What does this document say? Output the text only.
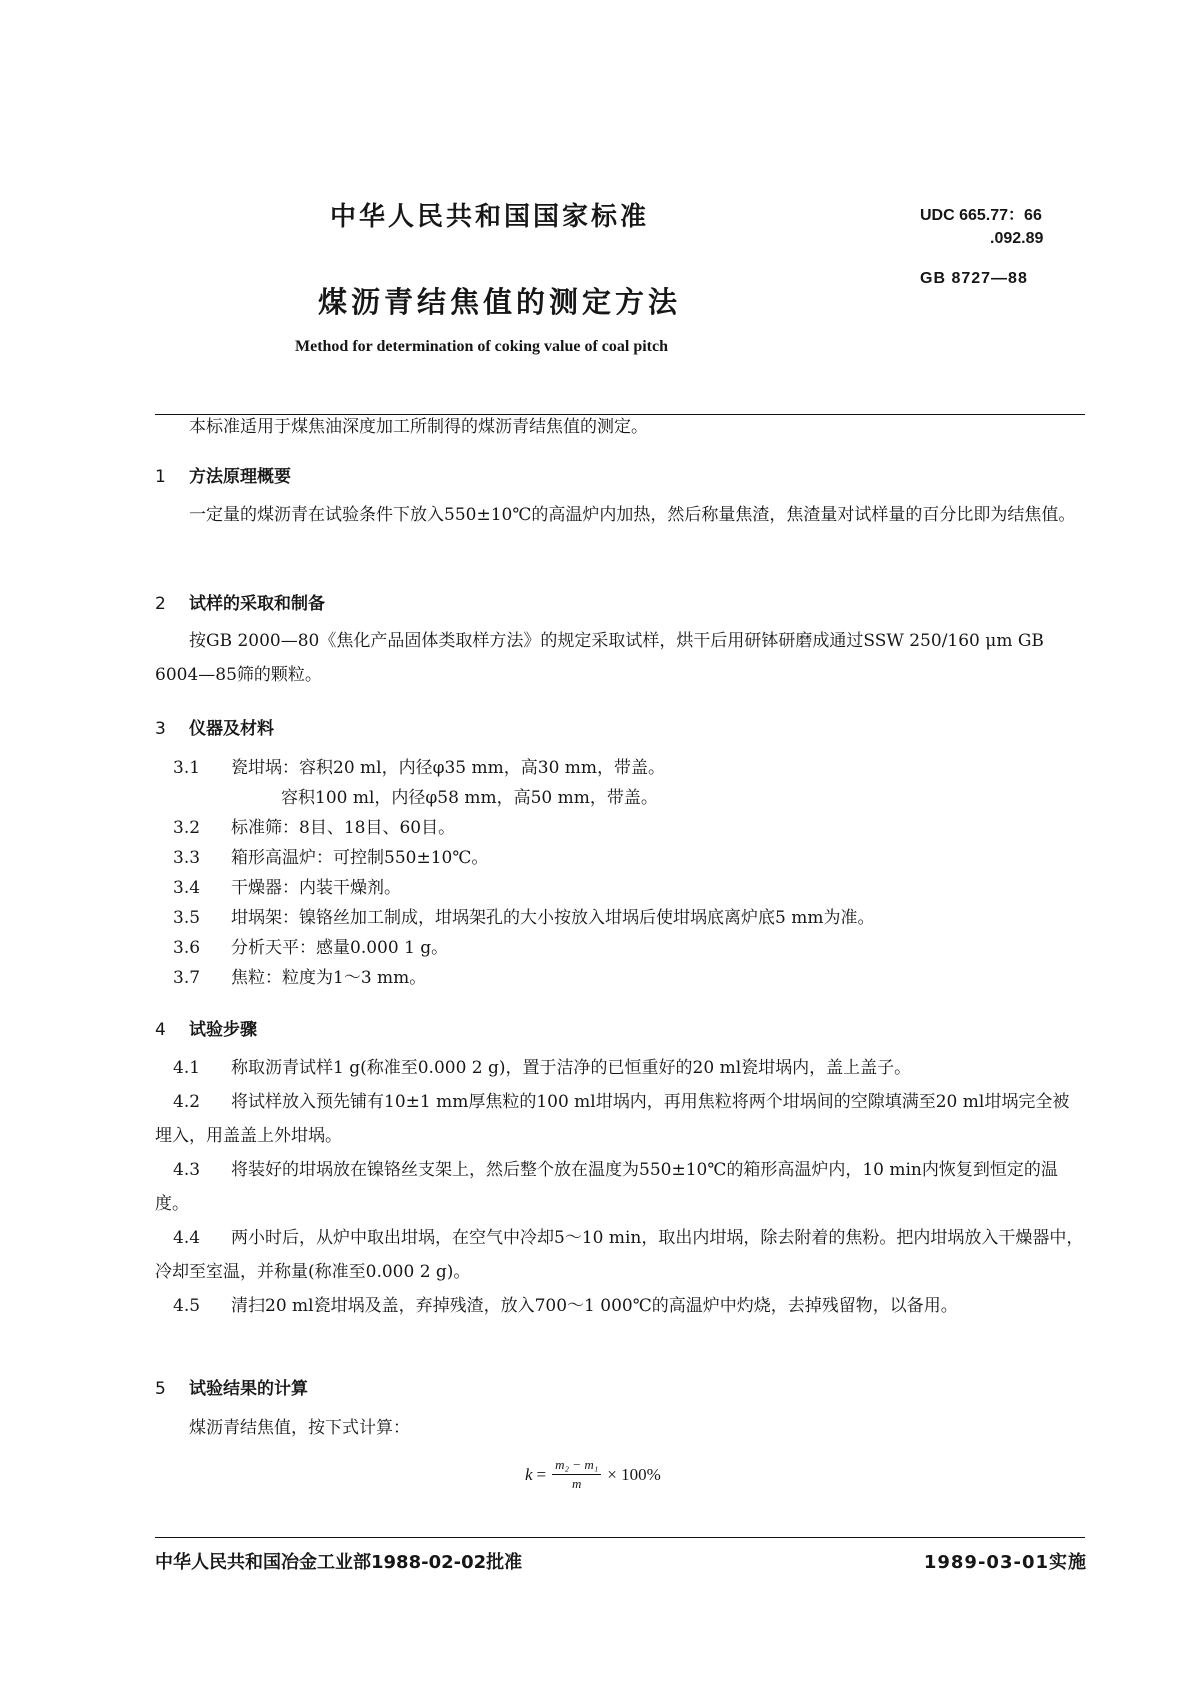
中华人民共和国国家标准
煤沥青结焦值的测定方法
Method for determination of coking value of coal pitch
UDC 665.77：66
.092.89
GB 8727—88
本标准适用于煤焦油深度加工所制得的煤沥青结焦值的测定。
1 方法原理概要
一定量的煤沥青在试验条件下放入550±10℃的高温炉内加热，然后称量焦渣，焦渣量对试样量的百分比即为结焦值。
2 试样的采取和制备
按GB 2000—80《焦化产品固体类取样方法》的规定采取试样，烘干后用研钵研磨成通过SSW 250/160 μm GB 6004—85筛的颗粒。
3 仪器及材料
3.1 瓷坩埚：容积20 ml，内径φ35 mm，高30 mm，带盖。
容积100 ml，内径φ58 mm，高50 mm，带盖。
3.2 标准筛：8目、18目、60目。
3.3 箱形高温炉：可控制550±10℃。
3.4 干燥器：内装干燥剂。
3.5 坩埚架：镍铬丝加工制成，坩埚架孔的大小按放入坩埚后使坩埚底离炉底5 mm为准。
3.6 分析天平：感量0.000 1 g。
3.7 焦粒：粒度为1～3 mm。
4 试验步骤
4.1 称取沥青试样1 g(称准至0.000 2 g)，置于洁净的已恒重好的20 ml瓷坩埚内，盖上盖子。
4.2 将试样放入预先铺有10±1 mm厚焦粒的100 ml坩埚内，再用焦粒将两个坩埚间的空隙填满至20 ml坩埚完全被埋入，用盖盖上外坩埚。
4.3 将装好的坩埚放在镍铬丝支架上，然后整个放在温度为550±10℃的箱形高温炉内，10 min内恢复到恒定的温度。
4.4 两小时后，从炉中取出坩埚，在空气中冷却5～10 min，取出内坩埚，除去附着的焦粉。把内坩埚放入干燥器中，冷却至室温，并称量(称准至0.000 2 g)。
4.5 清扫20 ml瓷坩埚及盖，弃掉残渣，放入700～1 000℃的高温炉中灼烧，去掉残留物，以备用。
5 试验结果的计算
煤沥青结焦值，按下式计算：
$k = \frac{\text{m₂ − m₁}}{m} \times 100\%$
中华人民共和国冶金工业部1988-02-02批准	1989-03-01实施
